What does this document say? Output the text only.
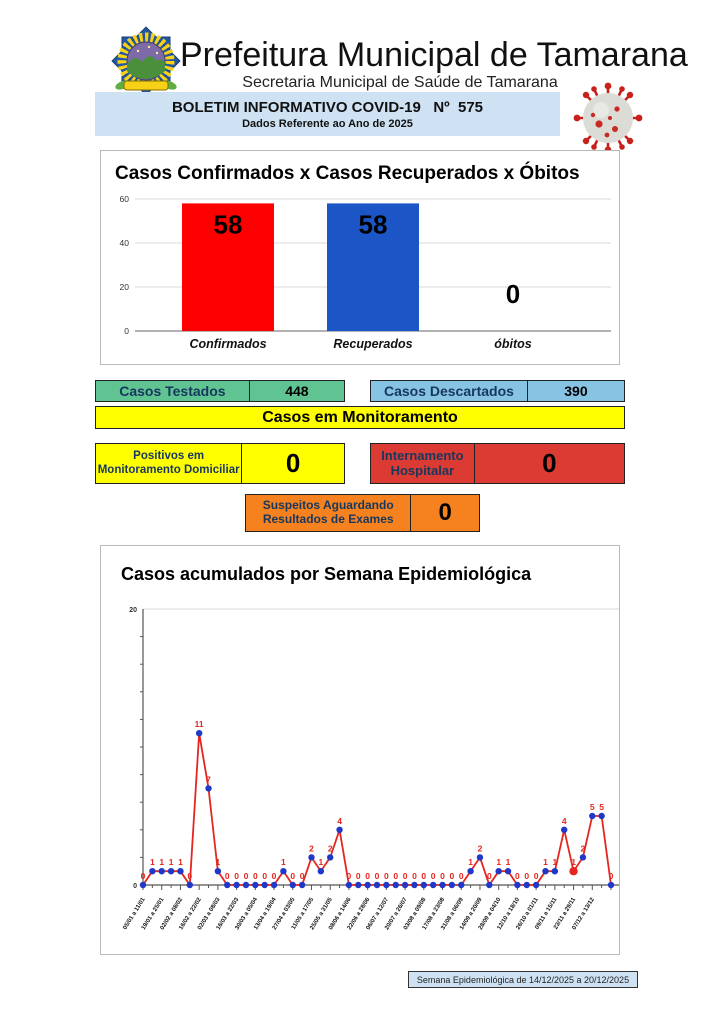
Prefeitura Municipal de Tamarana
Secretaria Municipal de Saúde de Tamarana
BOLETIM INFORMATIVO COVID-19   Nº  575
Dados Referente ao Ano de 2025
Casos Confirmados x Casos Recuperados x Óbitos
0
20
40
60
58
Confirmados
58
Recuperados
0
óbitos
Casos Testados	448	Casos Descartados	390
Casos em Monitoramento
Positivos em
Monitoramento Domiciliar	0	Internamento
Hospitalar	0
Suspeitos Aguardando
Resultados de Exames	0
Casos acumulados por Semana Epidemiológica
20
0
0
05/01 a 11/01
1 1
19/01 a 25/01
1 1
02/02 a 08/02
0
11
16/02 a 22/02
7
1
02/03 a 08/03
0 0
16/03 a 22/03
0 0
30/03 a 05/04
0 0
13/04 a 19/04
1
0
27/04 a 03/05
0
2
11/05 a 17/05
1
2
25/05 a 31/05
4
0
08/06 a 14/06
0 0
22/06 a 28/06
0 0
06/07 a 12/07
0 0
20/07 a 26/07
0 0
03/08 a 09/08
0 0
17/08 a 23/08
0 0
31/08 a 06/09
1
2
14/09 a 20/09
0
1
28/09 a 04/10
1
0
12/10 a 18/10
0 0
26/10 a 01/11
1 1
09/11 a 15/11
4
1
23/11 a 29/11
2
5
07/12 a 13/12
5
0
Semana Epidemiológica de 14/12/2025 a 20/12/2025
